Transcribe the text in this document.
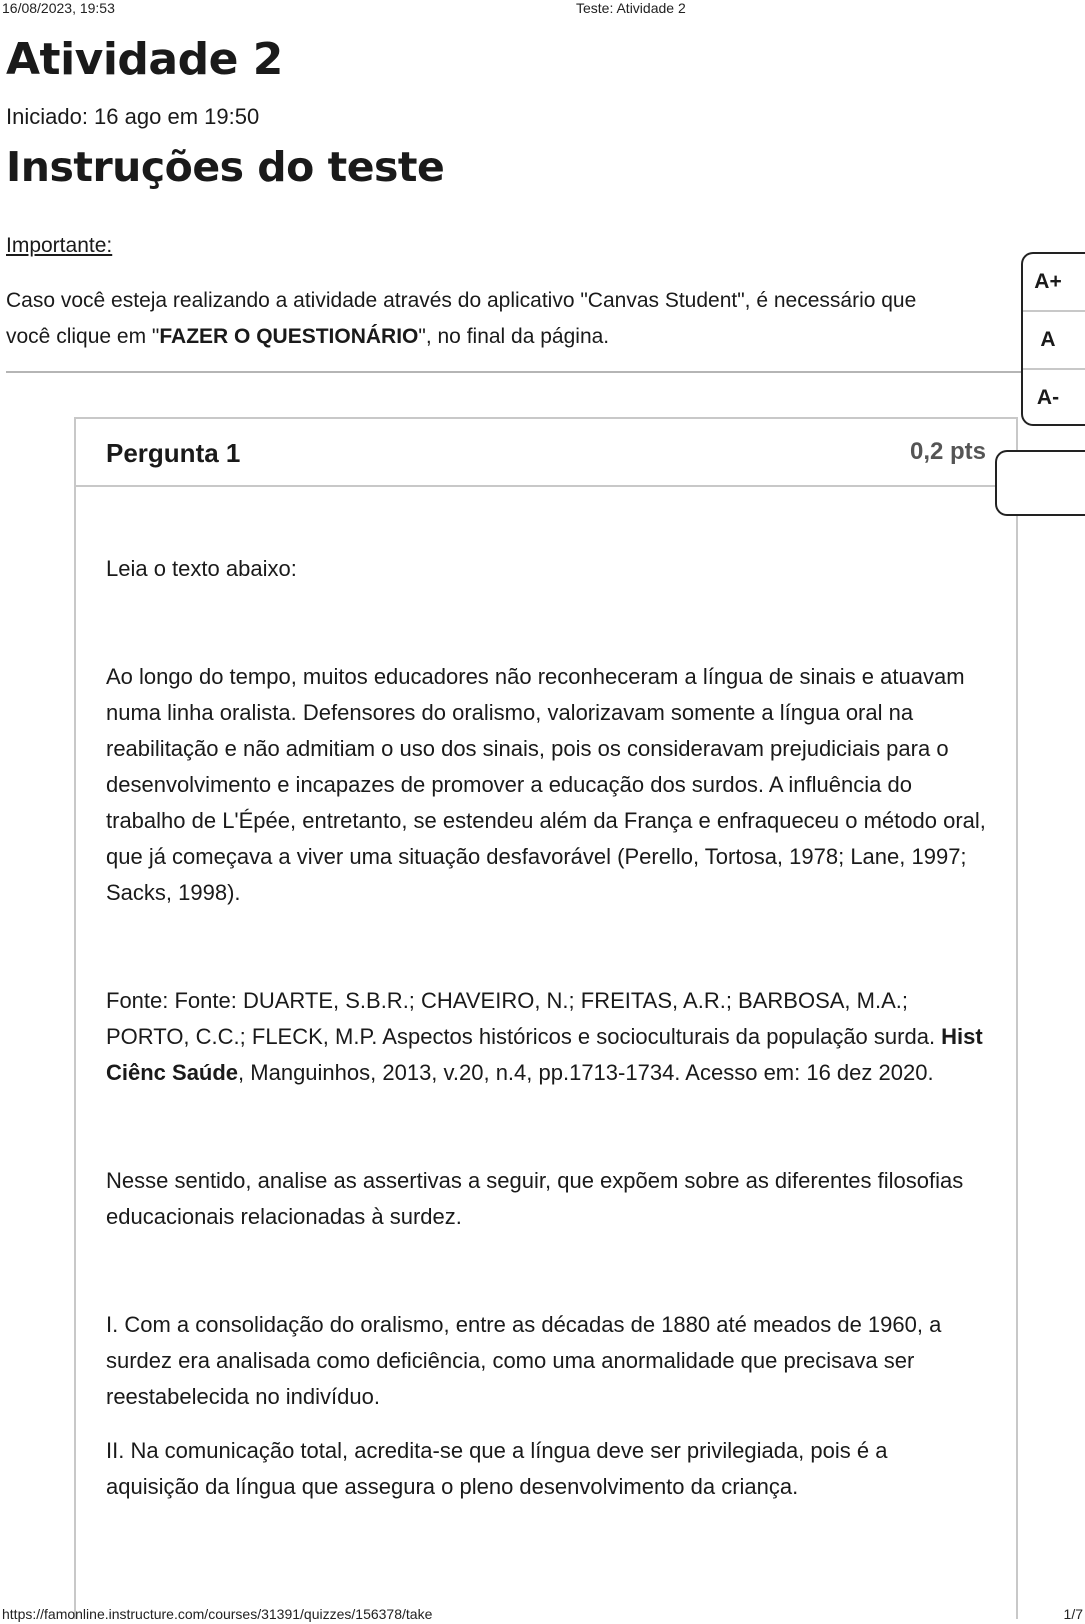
16/08/2023, 19:53	Teste: Atividade 2
Atividade 2
Iniciado: 16 ago em 19:50
Instruções do teste
Importante:
Caso você esteja realizando a atividade através do aplicativo "Canvas Student", é necessário que
você clique em "FAZER O QUESTIONÁRIO", no final da página.
Pergunta 1	0,2 pts

Leia o texto abaixo:

Ao longo do tempo, muitos educadores não reconheceram a língua de sinais e atuavam numa linha oralista. Defensores do oralismo, valorizavam somente a língua oral na reabilitação e não admitiam o uso dos sinais, pois os consideravam prejudiciais para o desenvolvimento e incapazes de promover a educação dos surdos. A influência do trabalho de L'Épée, entretanto, se estendeu além da França e enfraqueceu o método oral, que já começava a viver uma situação desfavorável (Perello, Tortosa, 1978; Lane, 1997; Sacks, 1998).

Fonte: Fonte: DUARTE, S.B.R.; CHAVEIRO, N.; FREITAS, A.R.; BARBOSA, M.A.; PORTO, C.C.; FLECK, M.P. Aspectos históricos e socioculturais da população surda. Hist Ciênc Saúde, Manguinhos, 2013, v.20, n.4, pp.1713-1734. Acesso em: 16 dez 2020.

Nesse sentido, analise as assertivas a seguir, que expõem sobre as diferentes filosofias educacionais relacionadas à surdez.

I. Com a consolidação do oralismo, entre as décadas de 1880 até meados de 1960, a surdez era analisada como deficiência, como uma anormalidade que precisava ser reestabelecida no indivíduo.

II. Na comunicação total, acredita-se que a língua deve ser privilegiada, pois é a aquisição da língua que assegura o pleno desenvolvimento da criança.

A+
A
A-
https://famonline.instructure.com/courses/31391/quizzes/156378/take	1/7
